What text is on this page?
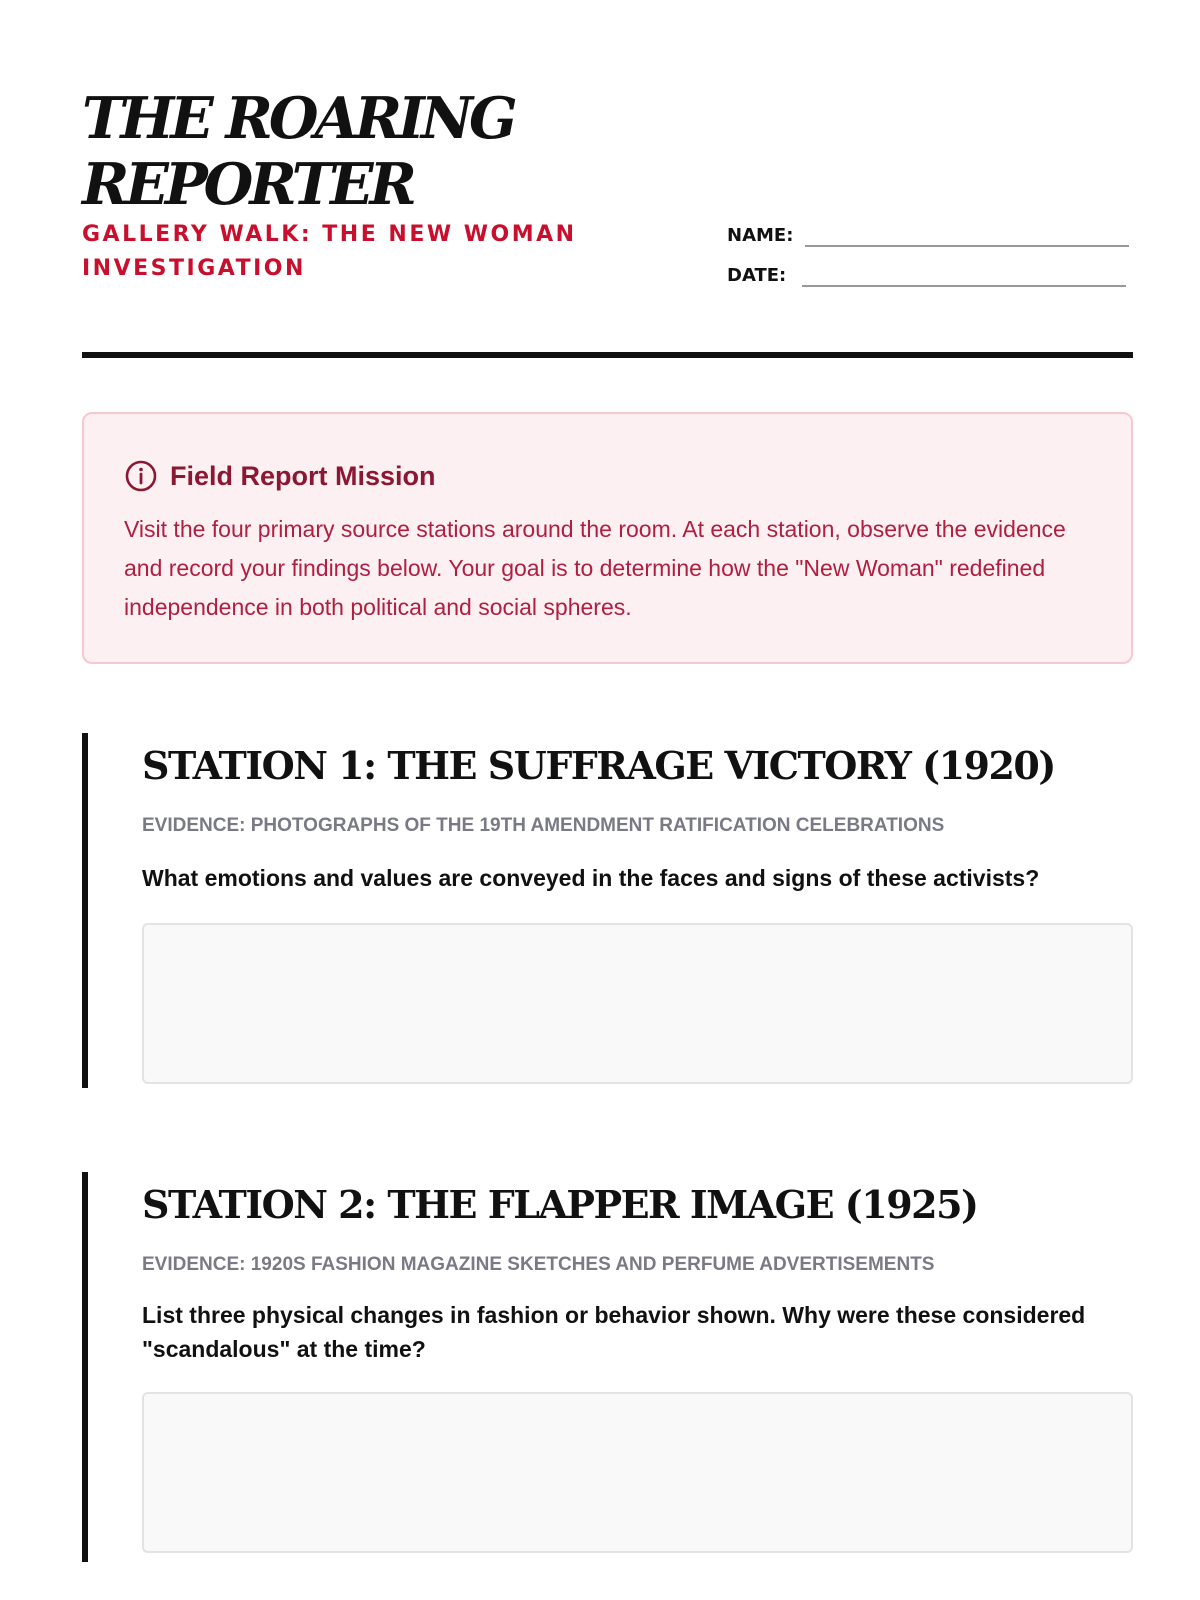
THE ROARING REPORTER
GALLERY WALK: THE NEW WOMAN INVESTIGATION
NAME:
DATE:
Field Report Mission

Visit the four primary source stations around the room. At each station, observe the evidence and record your findings below. Your goal is to determine how the "New Woman" redefined independence in both political and social spheres.

STATION 1: THE SUFFRAGE VICTORY (1920)
EVIDENCE: PHOTOGRAPHS OF THE 19TH AMENDMENT RATIFICATION CELEBRATIONS
What emotions and values are conveyed in the faces and signs of these activists?
STATION 2: THE FLAPPER IMAGE (1925)
EVIDENCE: 1920S FASHION MAGAZINE SKETCHES AND PERFUME ADVERTISEMENTS
List three physical changes in fashion or behavior shown. Why were these considered "scandalous" at the time?
